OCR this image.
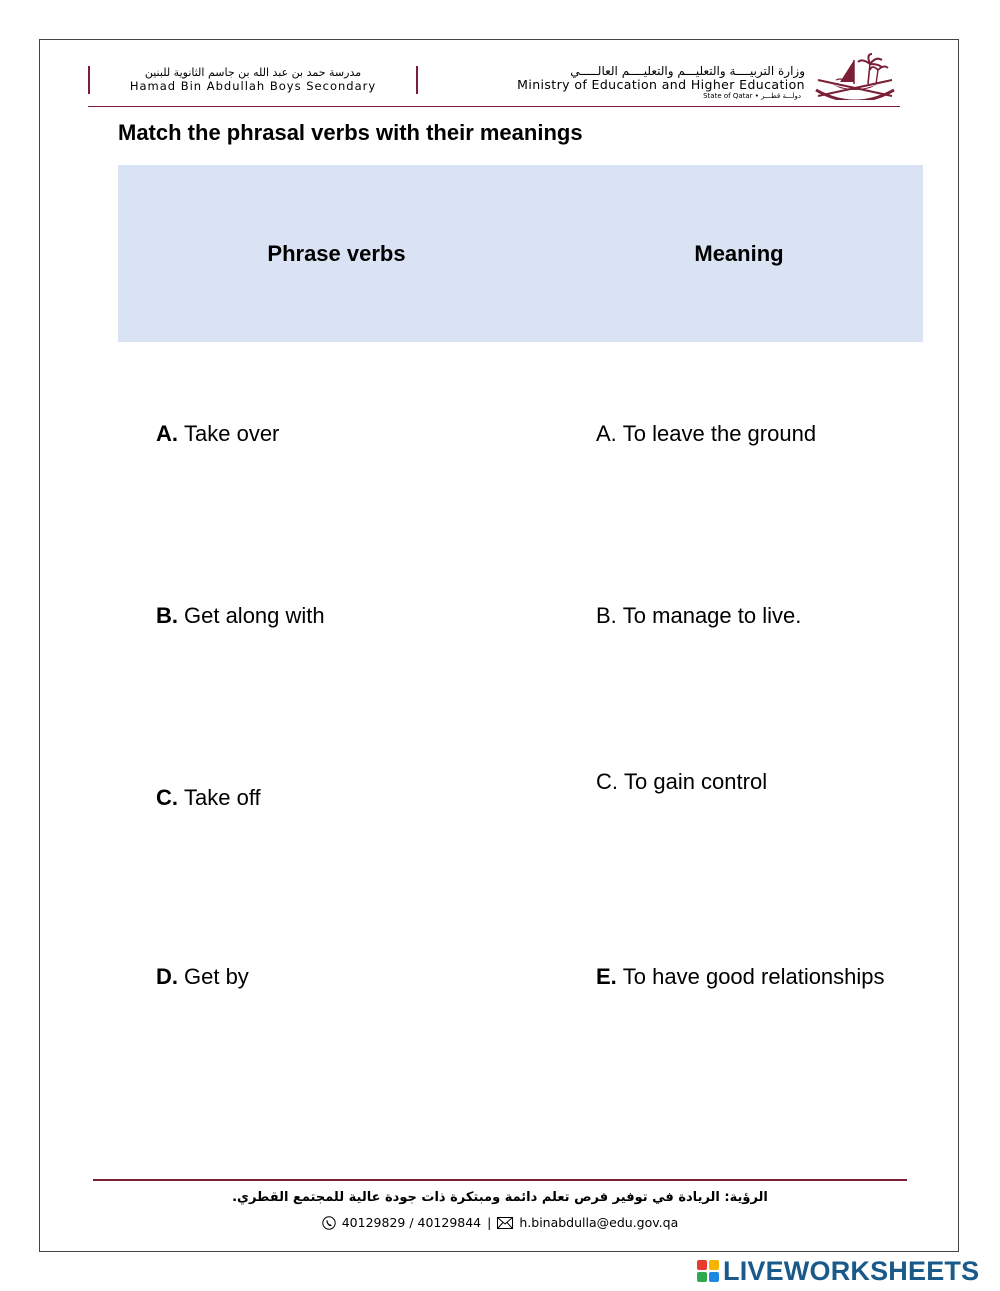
مدرسة حمد بن عبد الله بن جاسم الثانوية للبنين
Hamad Bin Abdullah Boys Secondary
وزارة التربيــــة والتعليـــم والتعليــــم العالـــــي
Ministry of Education and Higher Education
State of Qatar • دولـــة قطـــر
Match the phrasal verbs with their meanings
Phrase verbs	Meaning
A. Take over
B. Get along with
C. Take off
D. Get by
A. To leave the ground
B. To manage to live.
C. To gain control
E. To have good relationships
الرؤية: الريادة في توفير فرص تعلم دائمة ومبتكرة ذات جودة عالية للمجتمع القطري.
40129829 / 40129844 | h.binabdulla@edu.gov.qa
LIVEWORKSHEETS
